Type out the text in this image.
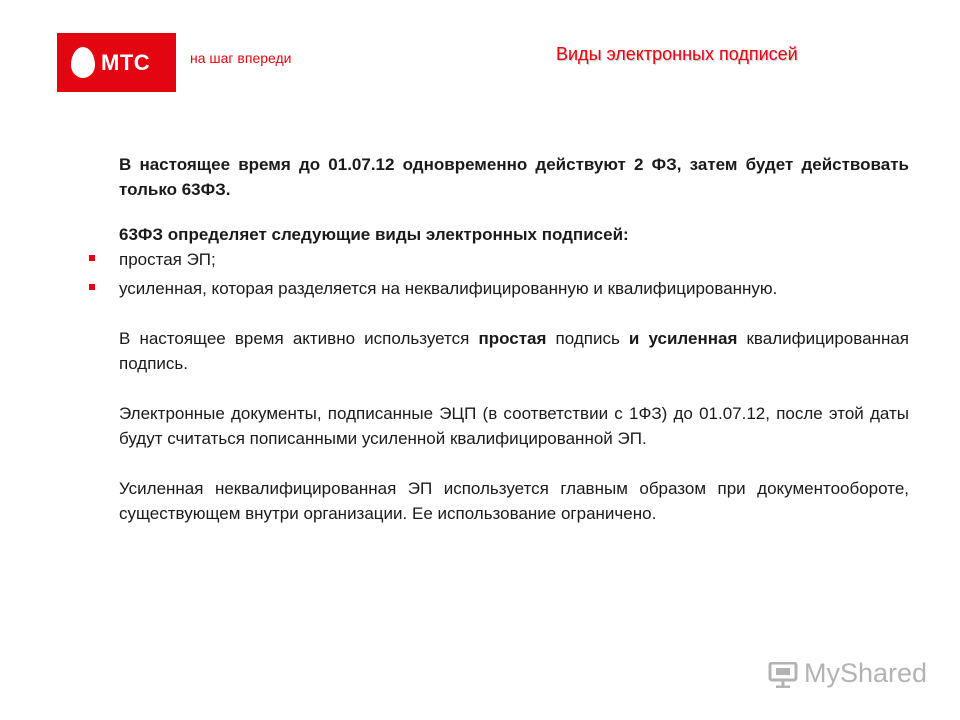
МТС	на шаг впереди	Виды электронных подписей

В настоящее время до 01.07.12 одновременно действуют 2 ФЗ, затем будет действовать только 63ФЗ.

63ФЗ определяет следующие виды электронных подписей:

простая ЭП;

усиленная, которая разделяется на неквалифицированную и квалифицированную.

В настоящее время активно используется простая подпись и усиленная квалифицированная подпись.

Электронные документы, подписанные ЭЦП (в соответствии с 1ФЗ) до 01.07.12, после этой даты будут считаться пописанными усиленной квалифицированной ЭП.

Усиленная неквалифицированная ЭП используется главным образом при документообороте, существующем внутри организации. Ее использование ограничено.

MyShared
